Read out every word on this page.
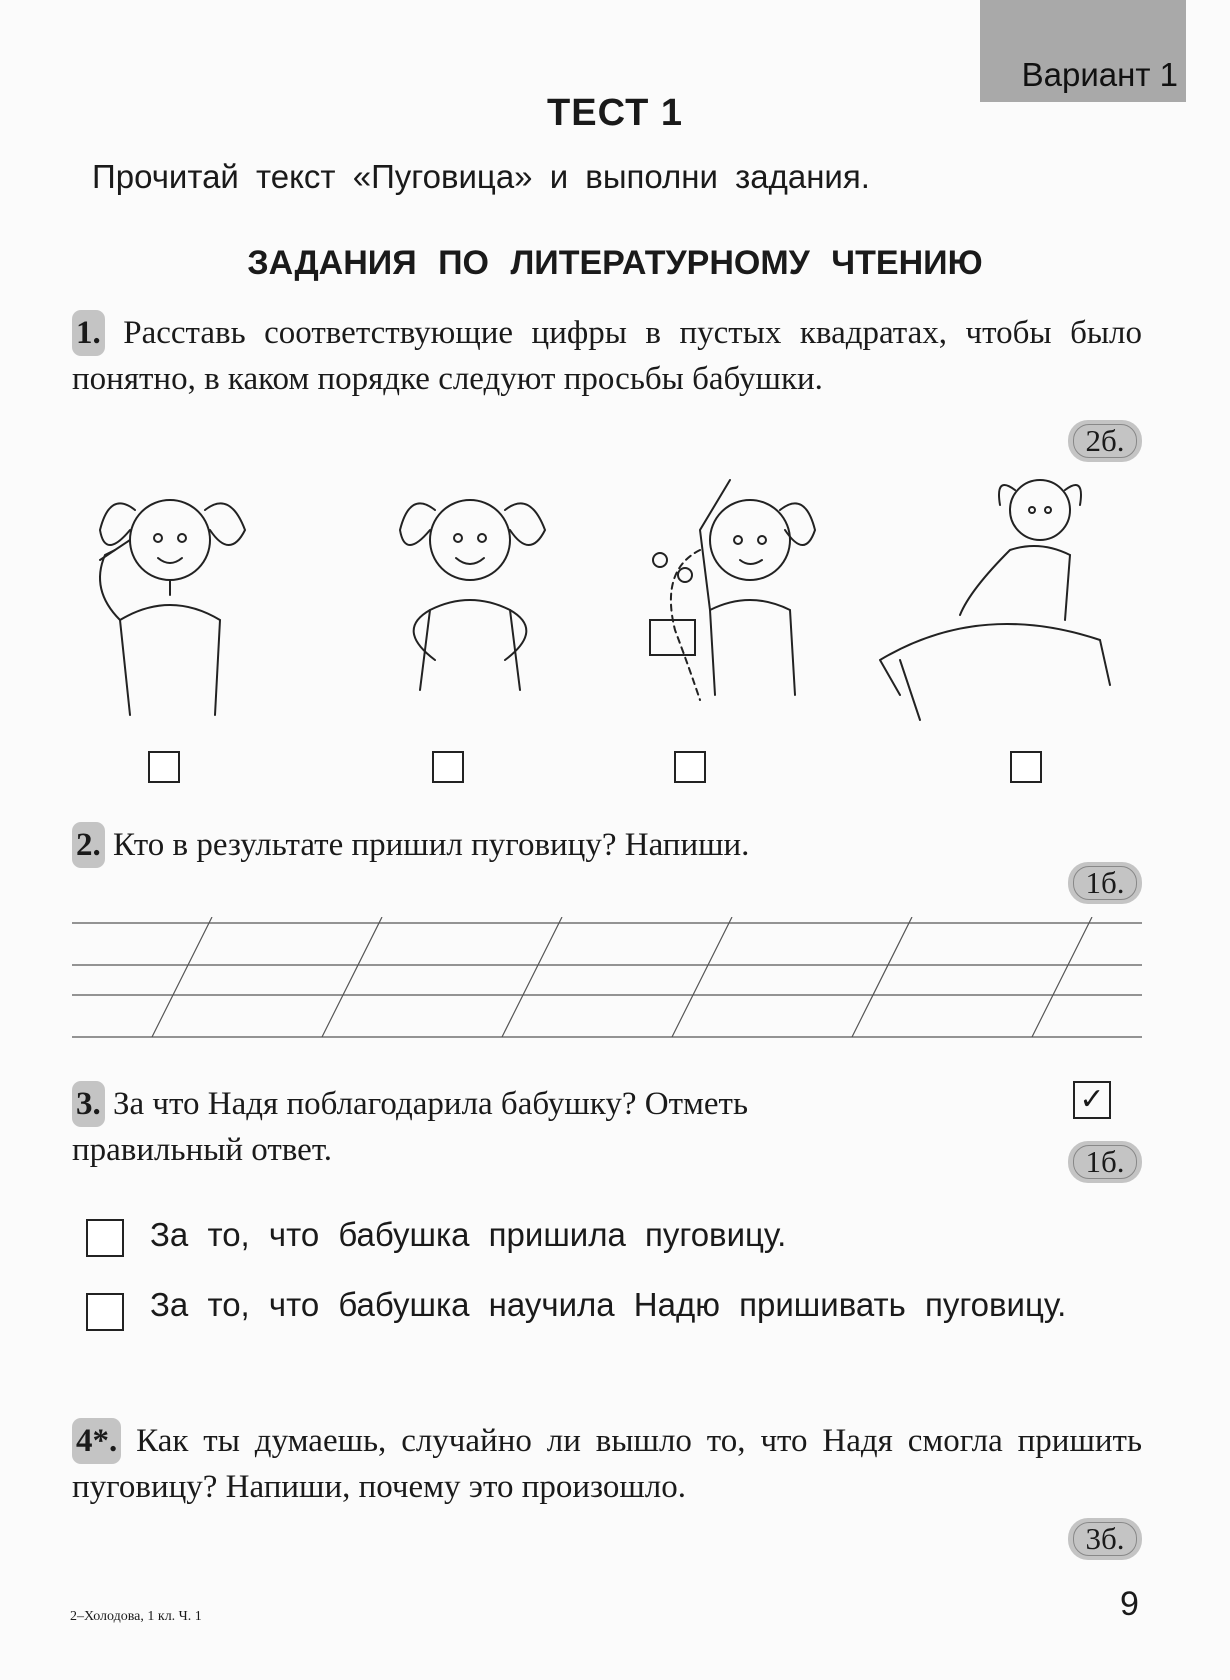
Вариант 1
ТЕСТ 1
Прочитай текст «Пуговица» и выполни задания.
ЗАДАНИЯ ПО ЛИТЕРАТУРНОМУ ЧТЕНИЮ
1. Расставь соответствующие цифры в пустых квадратах, чтобы было понятно, в каком порядке следуют просьбы бабушки.
2б.
2. Кто в результате пришил пуговицу? Напиши.
1б.
3. За что Надя поблагодарила бабушку? Отметь
правильный ответ.
✓
1б.
За то, что бабушка пришила пуговицу.
За то, что бабушка научила Надю пришивать пуговицу.
4*. Как ты думаешь, случайно ли вышло то, что Надя смогла пришить пуговицу? Напиши, почему это произошло.
3б.
2–Холодова, 1 кл. Ч. 1	9
